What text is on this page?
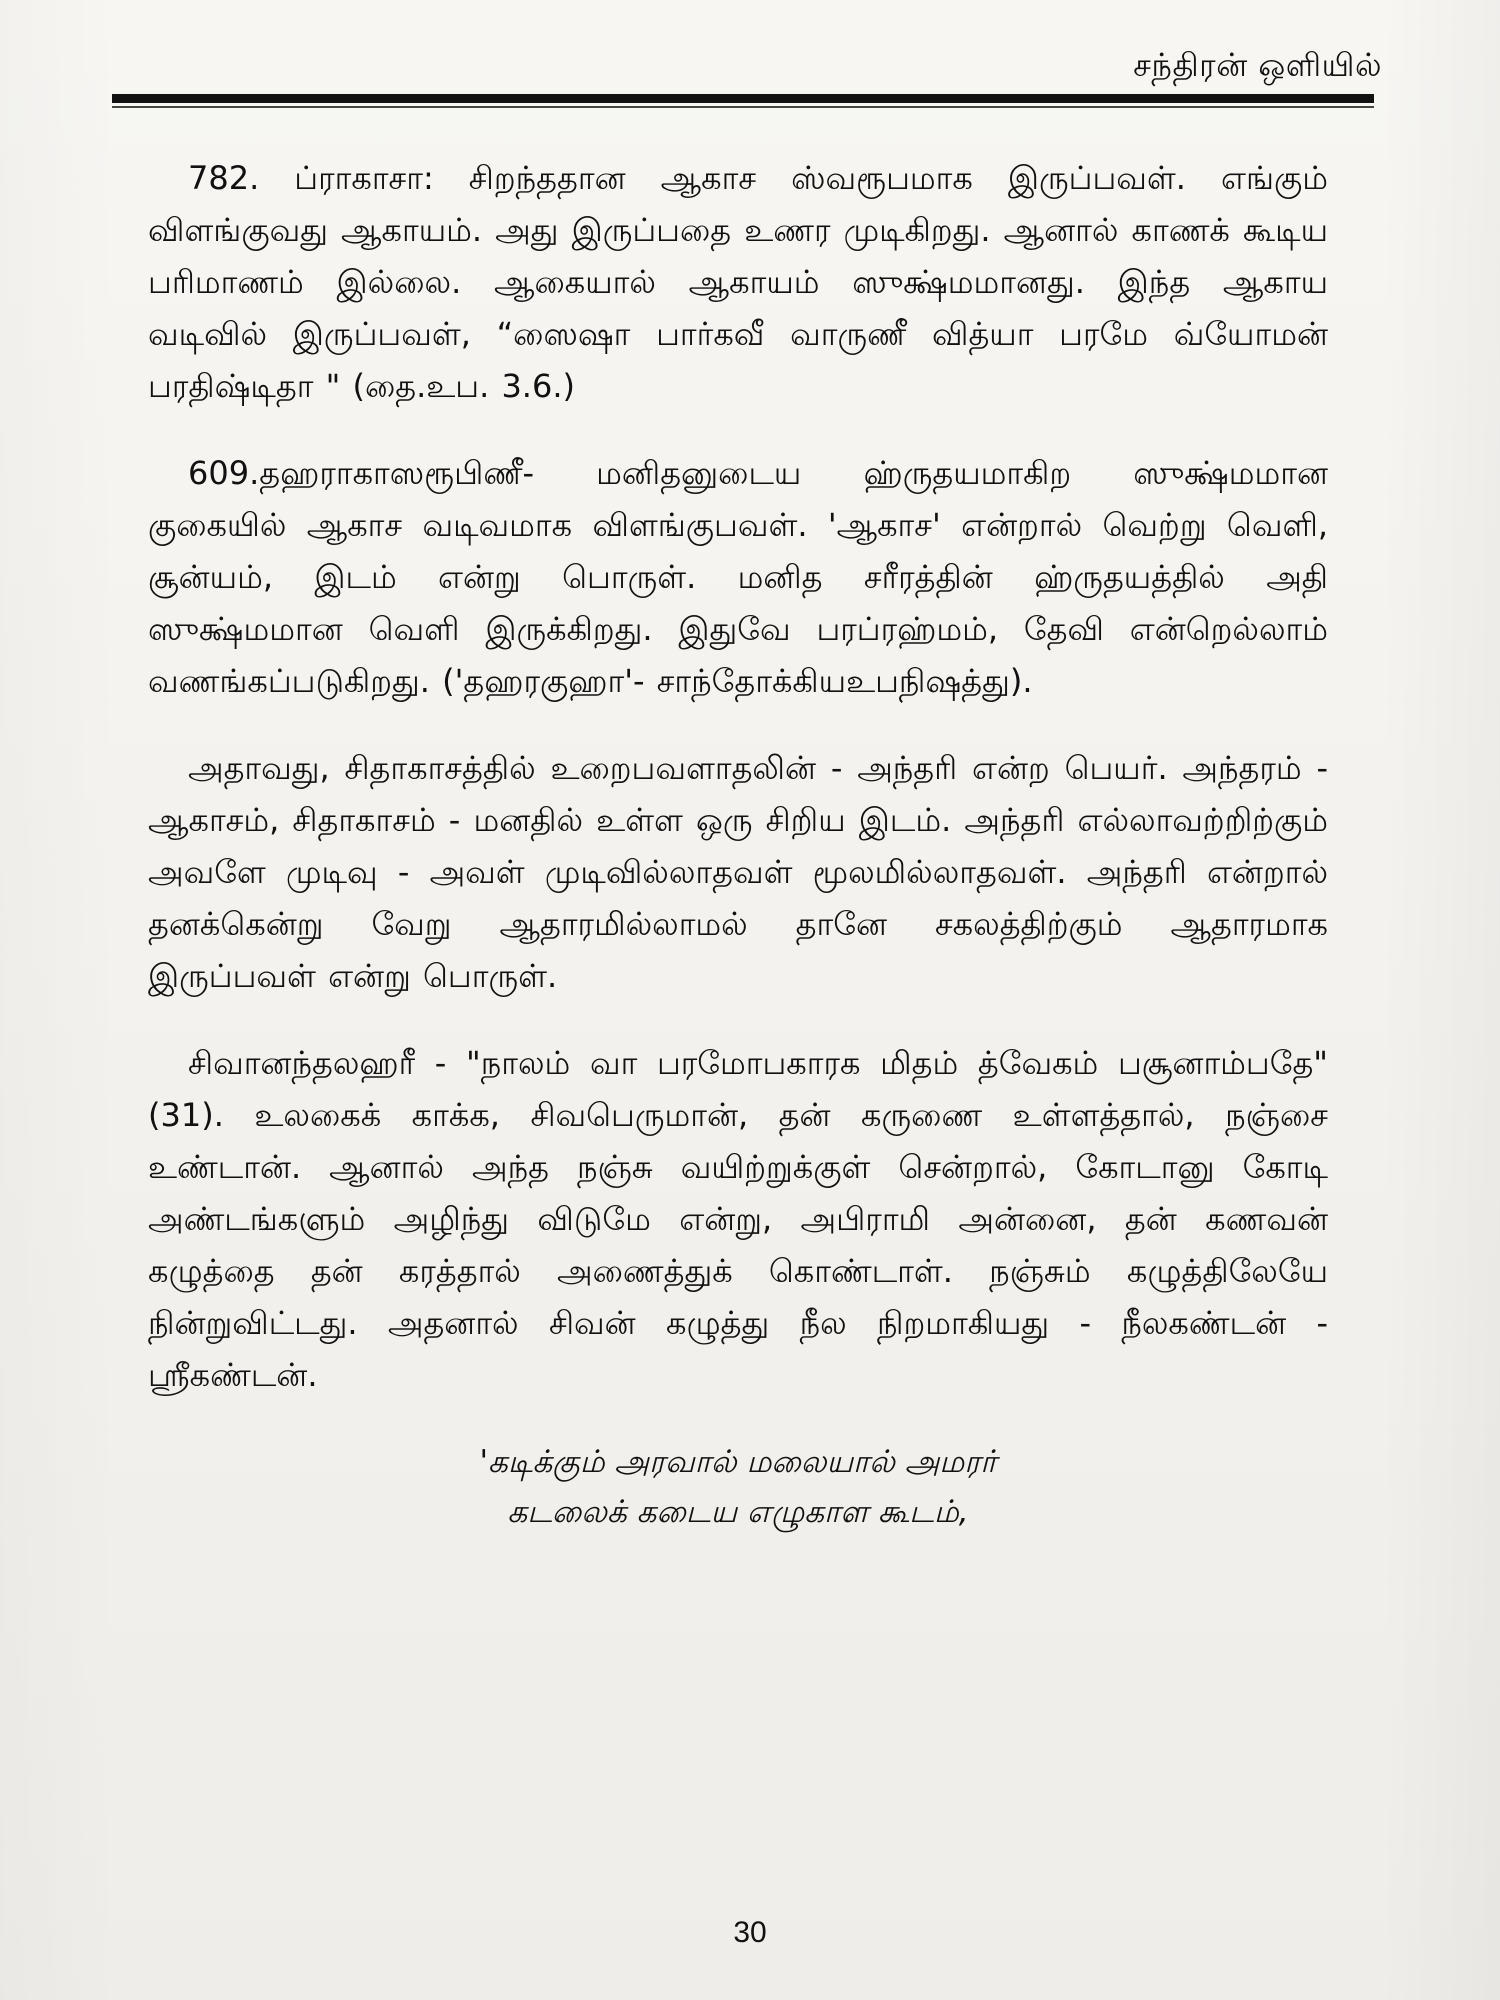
சந்திரன் ஒளியில்

782. ப்ராகாசா: சிறந்ததான ஆகாச ஸ்வரூபமாக இருப்பவள். எங்கும் விளங்குவது ஆகாயம். அது இருப்பதை உணர முடிகிறது. ஆனால் காணக் கூடிய பரிமாணம் இல்லை. ஆகையால் ஆகாயம் ஸுக்ஷ்மமானது. இந்த ஆகாய வடிவில் இருப்பவள், “ஸைஷா பார்கவீ வாருணீ வித்யா பரமே வ்யோமன் பரதிஷ்டிதா " (தை.உப. 3.6.)

609.தஹராகாஸரூபிணீ- மனிதனுடைய ஹ்ருதயமாகிற ஸுக்ஷ்மமான குகையில் ஆகாச வடிவமாக விளங்குபவள். 'ஆகாச' என்றால் வெற்று வெளி, சூன்யம், இடம் என்று பொருள். மனித சரீரத்தின் ஹ்ருதயத்தில் அதி ஸுக்ஷ்மமான வெளி இருக்கிறது. இதுவே பரப்ரஹ்மம், தேவி என்றெல்லாம் வணங்கப்படுகிறது. ('தஹரகுஹா'- சாந்தோக்கியஉபநிஷத்து).

அதாவது, சிதாகாசத்தில் உறைபவளாதலின் - அந்தரி என்ற பெயர். அந்தரம் - ஆகாசம், சிதாகாசம் - மனதில் உள்ள ஒரு சிறிய இடம். அந்தரி எல்லாவற்றிற்கும் அவளே முடிவு - அவள் முடிவில்லாதவள் மூலமில்லாதவள். அந்தரி என்றால் தனக்கென்று வேறு ஆதாரமில்லாமல் தானே சகலத்திற்கும் ஆதாரமாக இருப்பவள் என்று பொருள்.

சிவானந்தலஹரீ - "நாலம் வா பரமோபகாரக மிதம் த்வேகம் பசூனாம்பதே" (31). உலகைக் காக்க, சிவபெருமான், தன் கருணை உள்ளத்தால், நஞ்சை உண்டான். ஆனால் அந்த நஞ்சு வயிற்றுக்குள் சென்றால், கோடானு கோடி அண்டங்களும் அழிந்து விடுமே என்று, அபிராமி அன்னை, தன் கணவன் கழுத்தை தன் கரத்தால் அணைத்துக் கொண்டாள். நஞ்சும் கழுத்திலேயே நின்றுவிட்டது. அதனால் சிவன் கழுத்து நீல நிறமாகியது - நீலகண்டன் - ஸ்ரீகண்டன்.

'கடிக்கும் அரவால் மலையால் அமரர்
கடலைக் கடைய எழுகாள கூடம்,
30
